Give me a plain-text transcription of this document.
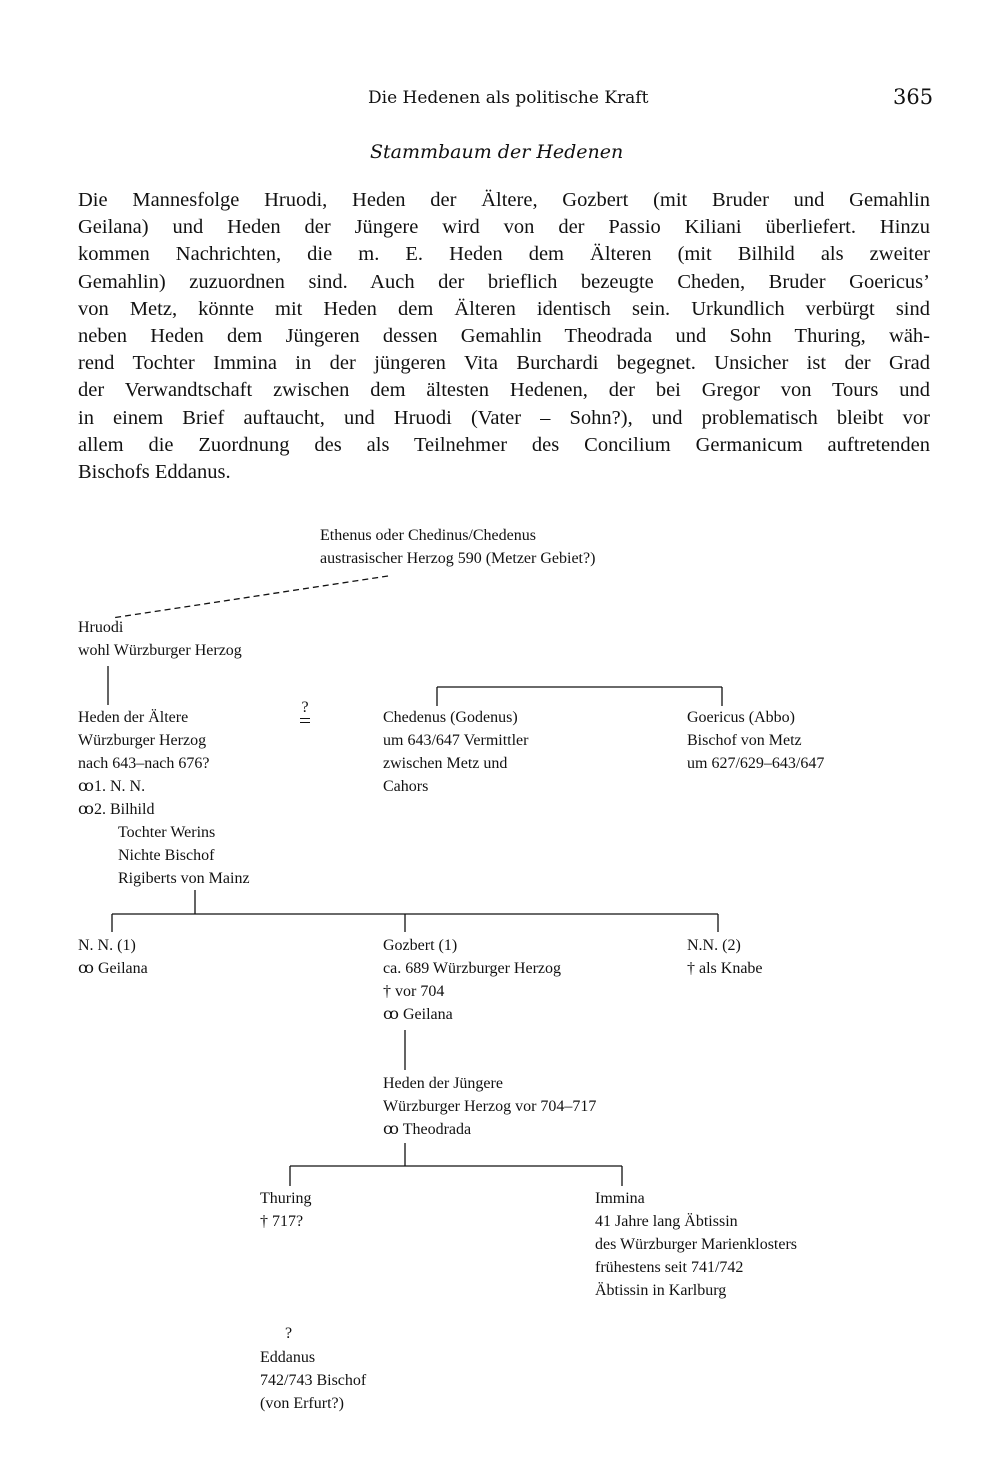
Die Hedenen als politische Kraft	365
Stammbaum der Hedenen
Die Mannesfolge Hruodi, Heden der Ältere, Gozbert (mit Bruder und Gemahlin
Geilana) und Heden der Jüngere wird von der Passio Kiliani überliefert. Hinzu
kommen Nachrichten, die m. E. Heden dem Älteren (mit Bilhild als zweiter
Gemahlin) zuzuordnen sind. Auch der brieflich bezeugte Cheden, Bruder Goericus’
von Metz, könnte mit Heden dem Älteren identisch sein. Urkundlich verbürgt sind
neben Heden dem Jüngeren dessen Gemahlin Theodrada und Sohn Thuring, wäh-
rend Tochter Immina in der jüngeren Vita Burchardi begegnet. Unsicher ist der Grad
der Verwandtschaft zwischen dem ältesten Hedenen, der bei Gregor von Tours und
in einem Brief auftaucht, und Hruodi (Vater – Sohn?), und problematisch bleibt vor
allem die Zuordnung des als Teilnehmer des Concilium Germanicum auftretenden
Bischofs Eddanus.
Ethenus oder Chedinus/Chedenus
austrasischer Herzog 590 (Metzer Gebiet?)
Hruodi
wohl Würzburger Herzog
Heden der Ältere
Würzburger Herzog
nach 643–nach 676?
ꝏ1. N. N.
ꝏ2. Bilhild
Tochter Werins
Nichte Bischof
Rigiberts von Mainz
?
Chedenus (Godenus)
um 643/647 Vermittler
zwischen Metz und
Cahors
Goericus (Abbo)
Bischof von Metz
um 627/629–643/647
N. N. (1)
ꝏ Geilana
Gozbert (1)
ca. 689 Würzburger Herzog
† vor 704
ꝏ Geilana
N.N. (2)
† als Knabe
Heden der Jüngere
Würzburger Herzog vor 704–717
ꝏ Theodrada
Thuring
† 717?
Immina
41 Jahre lang Äbtissin
des Würzburger Marienklosters
frühestens seit 741/742
Äbtissin in Karlburg
?
Eddanus
742/743 Bischof
(von Erfurt?)
